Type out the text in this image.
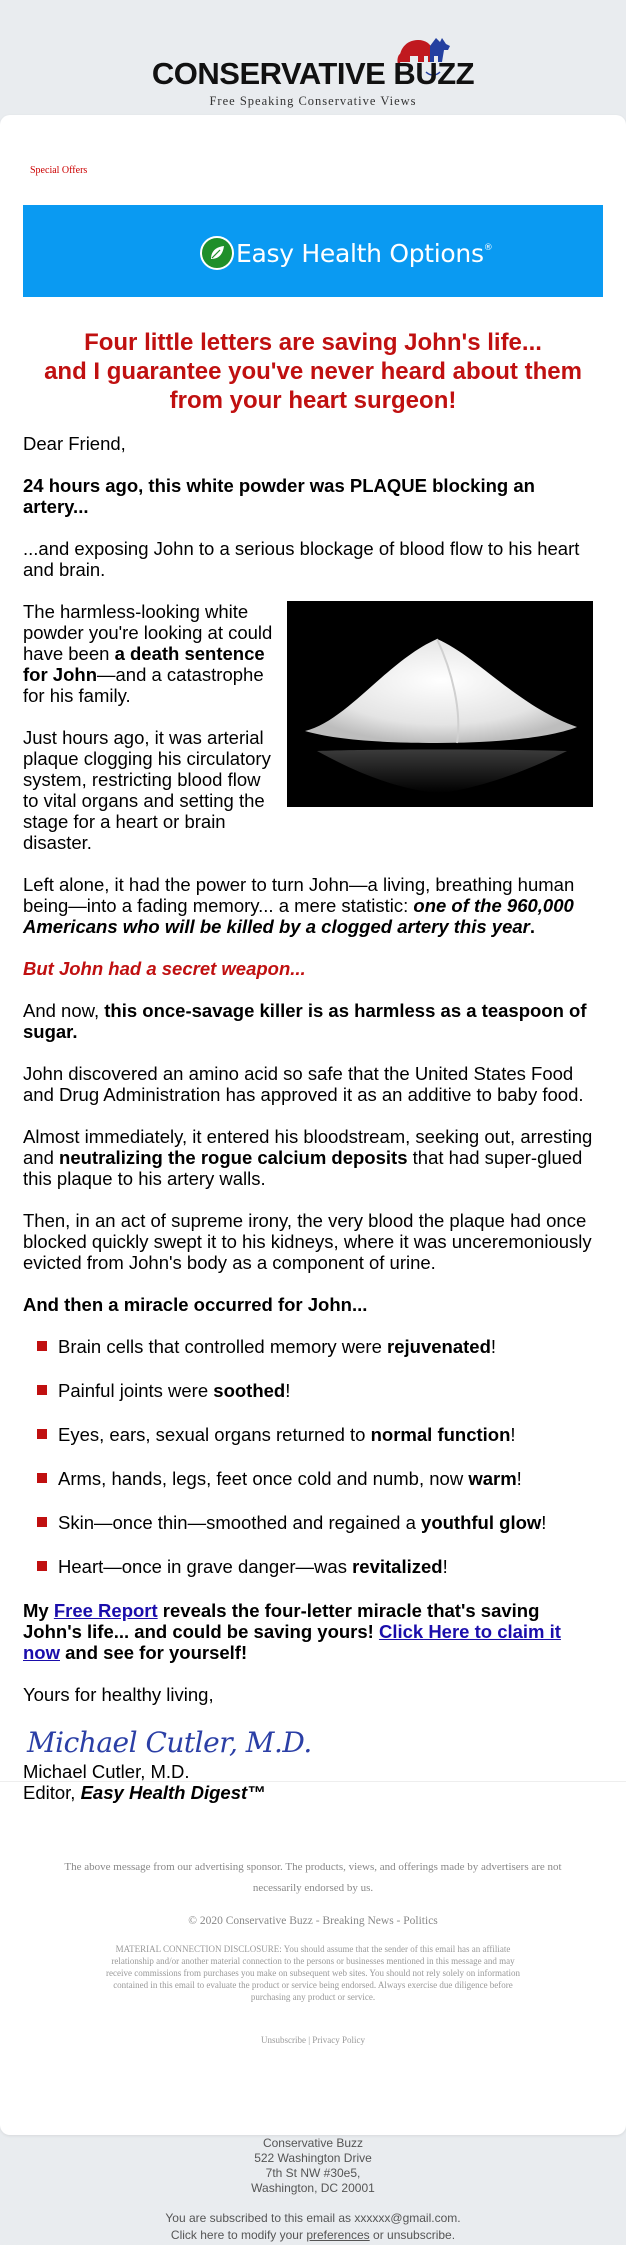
CONSERVATIVE BUZZ
Free Speaking Conservative Views
Special Offers
Easy Health Options®
Four little letters are saving John's life...
and I guarantee you've never heard about them
from your heart surgeon!

Dear Friend,

24 hours ago, this white powder was PLAQUE blocking an artery...

...and exposing John to a serious blockage of blood flow to his heart and brain.

The harmless-looking white powder you're looking at could have been a death sentence for John—and a catastrophe for his family.

Just hours ago, it was arterial plaque clogging his circulatory system, restricting blood flow to vital organs and setting the stage for a heart or brain disaster.

Left alone, it had the power to turn John—a living, breathing human being—into a fading memory... a mere statistic: one of the 960,000 Americans who will be killed by a clogged artery this year.

But John had a secret weapon...

And now, this once-savage killer is as harmless as a teaspoon of sugar.

John discovered an amino acid so safe that the United States Food and Drug Administration has approved it as an additive to baby food.

Almost immediately, it entered his bloodstream, seeking out, arresting and neutralizing the rogue calcium deposits that had super-glued this plaque to his artery walls.

Then, in an act of supreme irony, the very blood the plaque had once blocked quickly swept it to his kidneys, where it was unceremoniously evicted from John's body as a component of urine.

And then a miracle occurred for John...

Brain cells that controlled memory were rejuvenated!
Painful joints were soothed!
Eyes, ears, sexual organs returned to normal function!
Arms, hands, legs, feet once cold and numb, now warm!
Skin—once thin—smoothed and regained a youthful glow!
Heart—once in grave danger—was revitalized!

My Free Report reveals the four-letter miracle that's saving John's life... and could be saving yours! Click Here to claim it now and see for yourself!

Yours for healthy living,

Michael Cutler, M.D.
Michael Cutler, M.D.
Editor, Easy Health Digest™
The above message from our advertising sponsor. The products, views, and offerings made by advertisers are not necessarily endorsed by us.
© 2020 Conservative Buzz - Breaking News - Politics
MATERIAL CONNECTION DISCLOSURE: You should assume that the sender of this email has an affiliate relationship and/or another material connection to the persons or businesses mentioned in this message and may receive commissions from purchases you make on subsequent web sites. You should not rely solely on information contained in this email to evaluate the product or service being endorsed. Always exercise due diligence before purchasing any product or service.
Unsubscribe | Privacy Policy
Conservative Buzz
522 Washington Drive
7th St NW #30e5,
Washington, DC 20001
You are subscribed to this email as xxxxxx@gmail.com.
Click here to modify your preferences or unsubscribe.
